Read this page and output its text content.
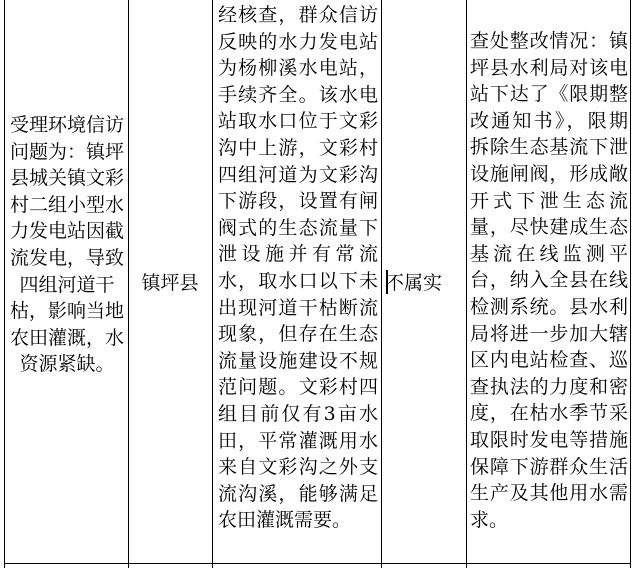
受理环境信访问题为：镇坪县城关镇文彩村二组小型水力发电站因截流发电，导致四组河道干枯，影响当地农田灌溉，水资源紧缺。
镇坪县
经核查，群众信访反映的水力发电站为杨柳溪水电站，手续齐全。该水电站取水口位于文彩沟中上游，文彩村四组河道为文彩沟下游段，设置有闸阀式的生态流量下泄设施并有常流水，取水口以下未出现河道干枯断流现象，但存在生态流量设施建设不规范问题。文彩村四组目前仅有3亩水田，平常灌溉用水来自文彩沟之外支流沟溪，能够满足农田灌溉需要。
不属实
查处整改情况：镇坪县水利局对该电站下达了《限期整改通知书》，限期拆除生态基流下泄设施闸阀，形成敞开式下泄生态流量，尽快建成生态基流在线监测平台，纳入全县在线检测系统。县水利局将进一步加大辖区内电站检查、巡查执法的力度和密度，在枯水季节采取限时发电等措施保障下游群众生活生产及其他用水需求。
